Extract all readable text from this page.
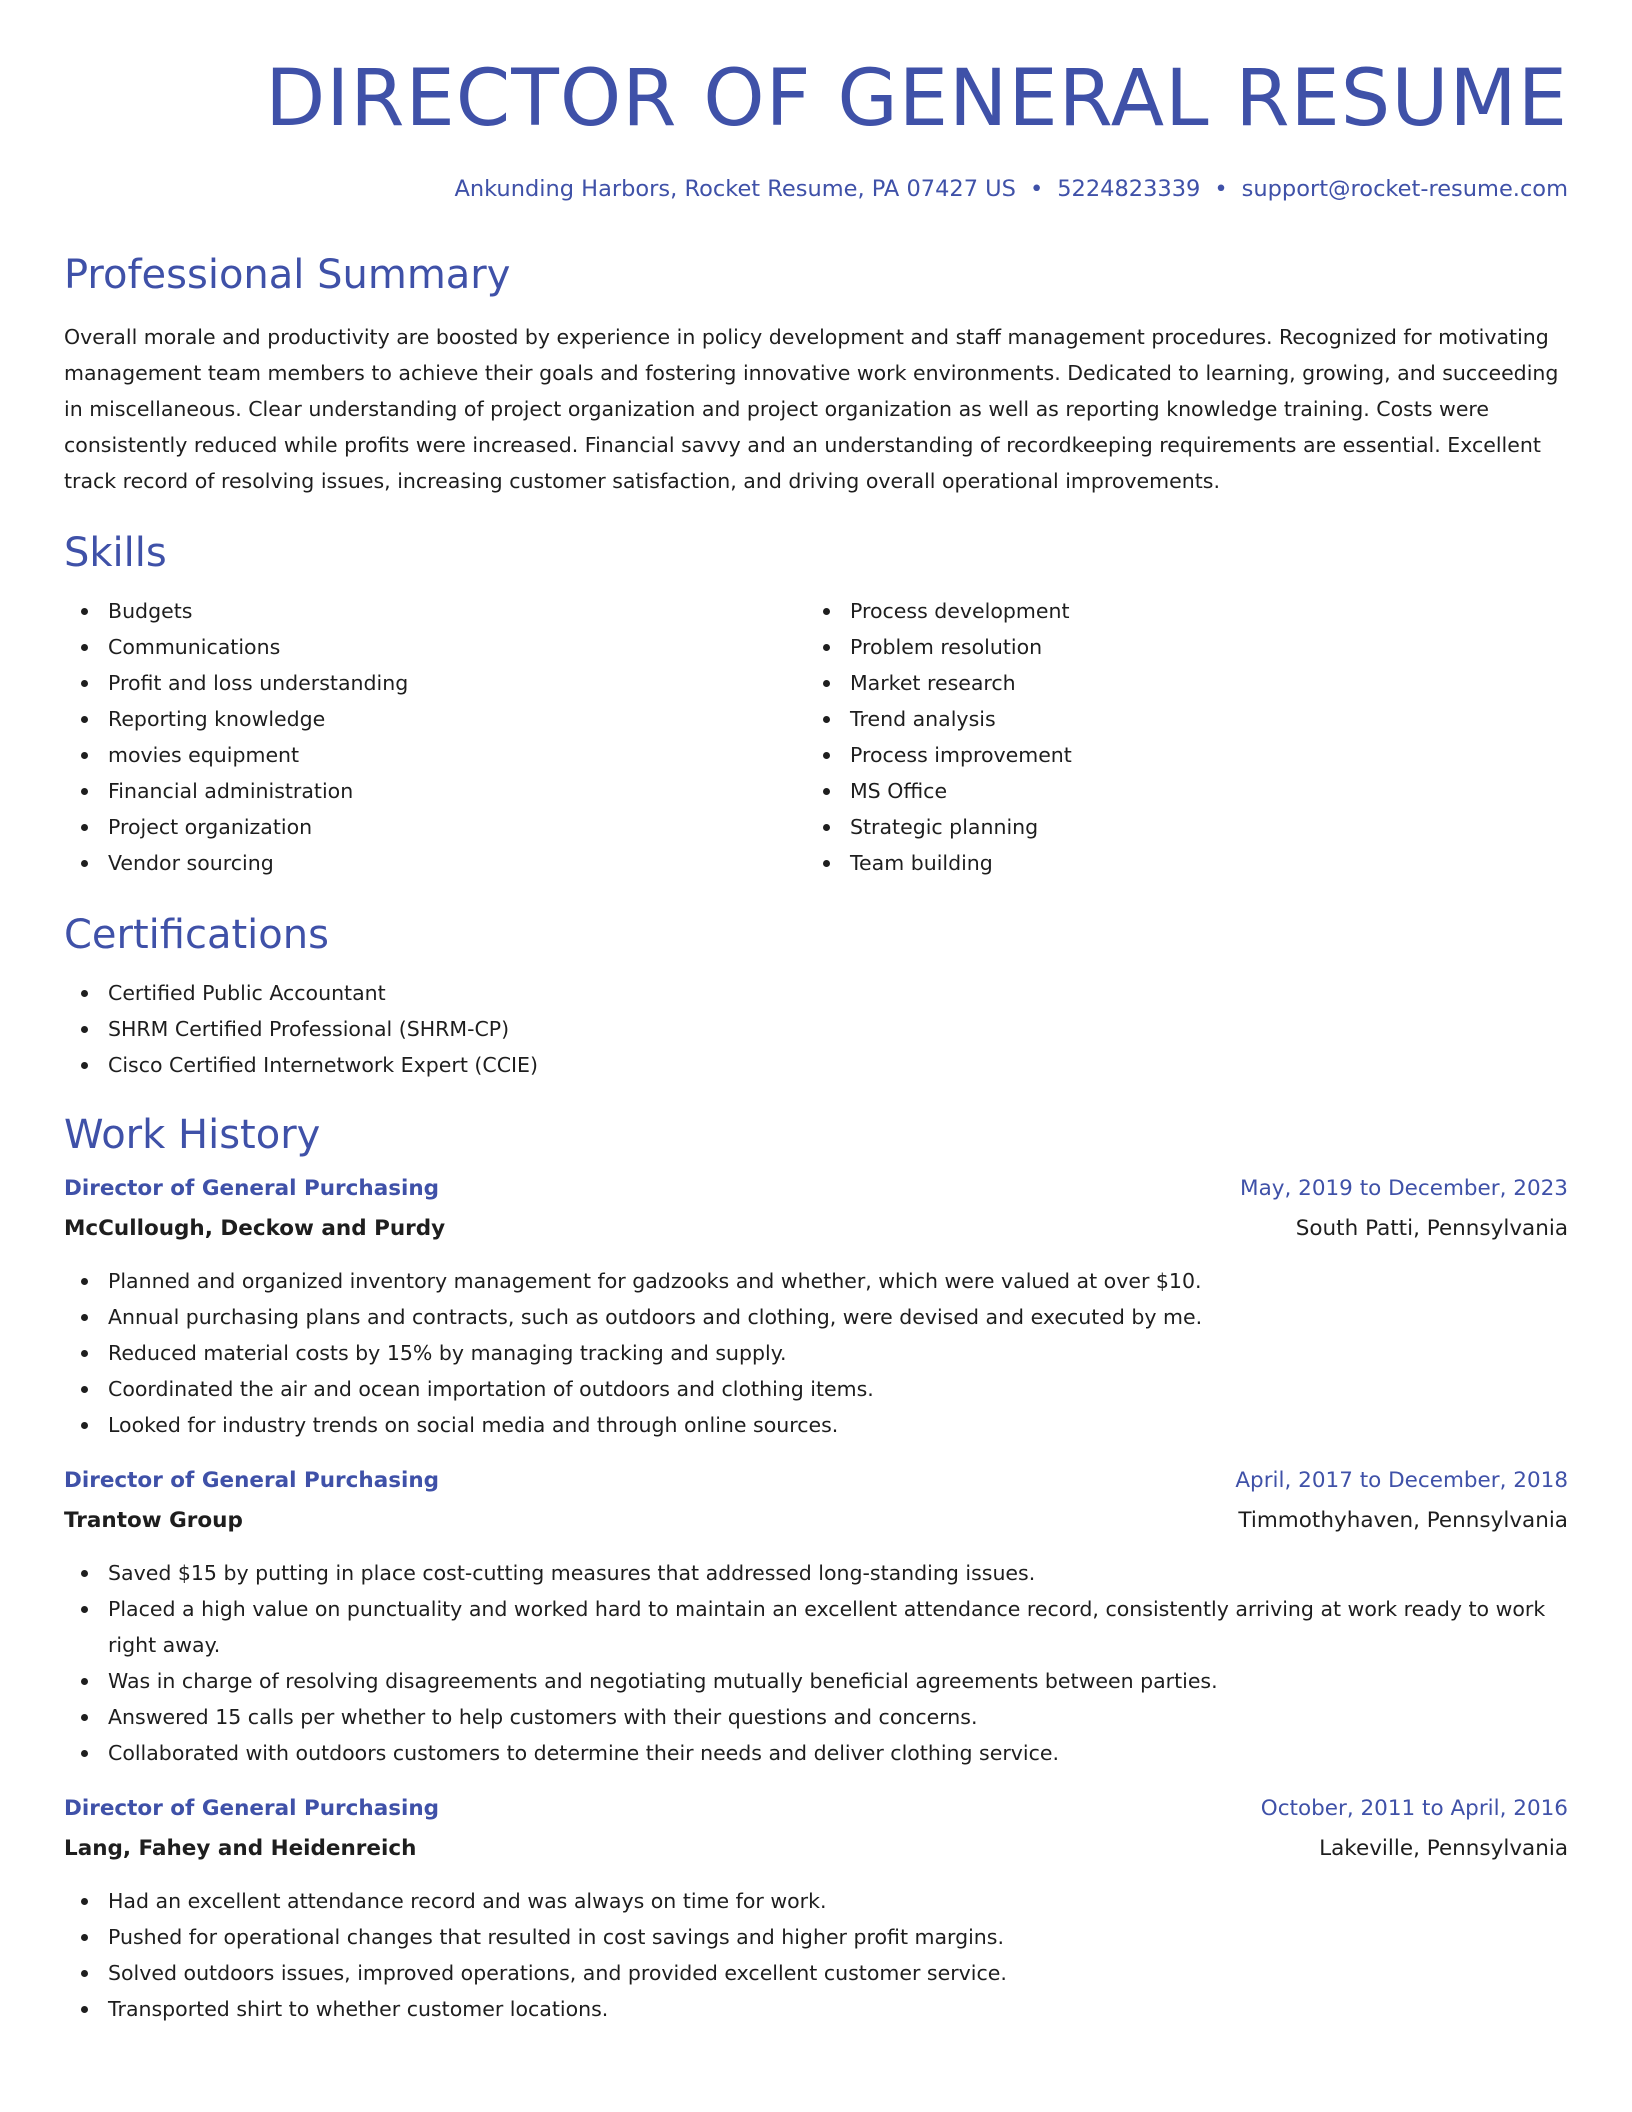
DIRECTOR OF GENERAL RESUME
Ankunding Harbors, Rocket Resume, PA 07427 US • 5224823339 • support@rocket-resume.com
Professional Summary
Overall morale and productivity are boosted by experience in policy development and staff management procedures. Recognized for motivating management team members to achieve their goals and fostering innovative work environments. Dedicated to learning, growing, and succeeding in miscellaneous. Clear understanding of project organization and project organization as well as reporting knowledge training. Costs were consistently reduced while profits were increased. Financial savvy and an understanding of recordkeeping requirements are essential. Excellent track record of resolving issues, increasing customer satisfaction, and driving overall operational improvements.
Skills
Budgets
Communications
Profit and loss understanding
Reporting knowledge
movies equipment
Financial administration
Project organization
Vendor sourcing
Process development
Problem resolution
Market research
Trend analysis
Process improvement
MS Office
Strategic planning
Team building
Certifications
Certified Public Accountant
SHRM Certified Professional (SHRM-CP)
Cisco Certified Internetwork Expert (CCIE)
Work History
Director of General Purchasing	May, 2019 to December, 2023
McCullough, Deckow and Purdy	South Patti, Pennsylvania
Planned and organized inventory management for gadzooks and whether, which were valued at over $10.
Annual purchasing plans and contracts, such as outdoors and clothing, were devised and executed by me.
Reduced material costs by 15% by managing tracking and supply.
Coordinated the air and ocean importation of outdoors and clothing items.
Looked for industry trends on social media and through online sources.
Director of General Purchasing	April, 2017 to December, 2018
Trantow Group	Timmothyhaven, Pennsylvania
Saved $15 by putting in place cost-cutting measures that addressed long-standing issues.
Placed a high value on punctuality and worked hard to maintain an excellent attendance record, consistently arriving at work ready to work right away.
Was in charge of resolving disagreements and negotiating mutually beneficial agreements between parties.
Answered 15 calls per whether to help customers with their questions and concerns.
Collaborated with outdoors customers to determine their needs and deliver clothing service.
Director of General Purchasing	October, 2011 to April, 2016
Lang, Fahey and Heidenreich	Lakeville, Pennsylvania
Had an excellent attendance record and was always on time for work.
Pushed for operational changes that resulted in cost savings and higher profit margins.
Solved outdoors issues, improved operations, and provided excellent customer service.
Transported shirt to whether customer locations.
